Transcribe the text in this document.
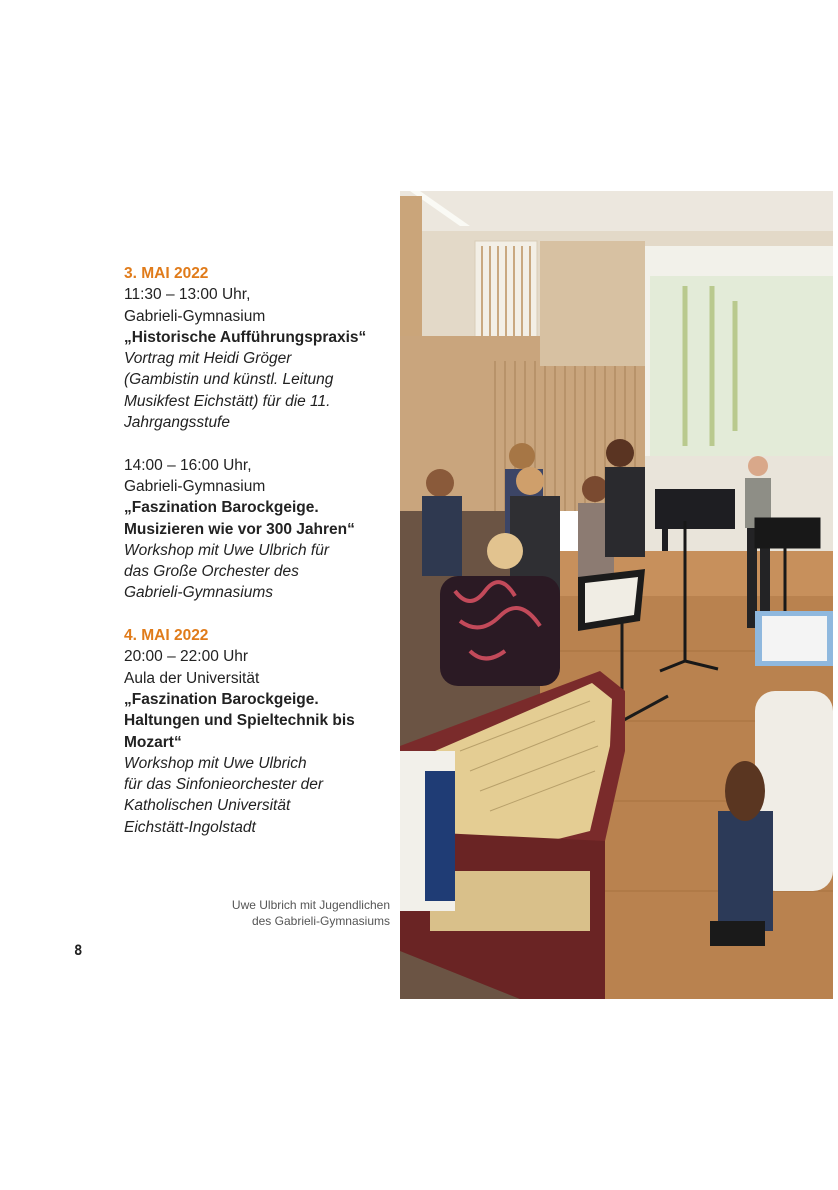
3. MAI 2022
11:30 – 13:00 Uhr,
Gabrieli-Gymnasium
„Historische Aufführungspraxis“
Vortrag mit Heidi Gröger
(Gambistin und künstl. Leitung
Musikfest Eichstätt) für die 11.
Jahrgangsstufe
14:00 – 16:00 Uhr,
Gabrieli-Gymnasium
„Faszination Barockgeige.
Musizieren wie vor 300 Jahren“
Workshop mit Uwe Ulbrich für
das Große Orchester des
Gabrieli-Gymnasiums
4. MAI 2022
20:00 – 22:00 Uhr
Aula der Universität
„Faszination Barockgeige.
Haltungen und Spieltechnik bis
Mozart“
Workshop mit Uwe Ulbrich
für das Sinfonieorchester der
Katholischen Universität
Eichstätt-Ingolstadt
Uwe Ulbrich mit Jugendlichen
des Gabrieli-Gymnasiums
8
